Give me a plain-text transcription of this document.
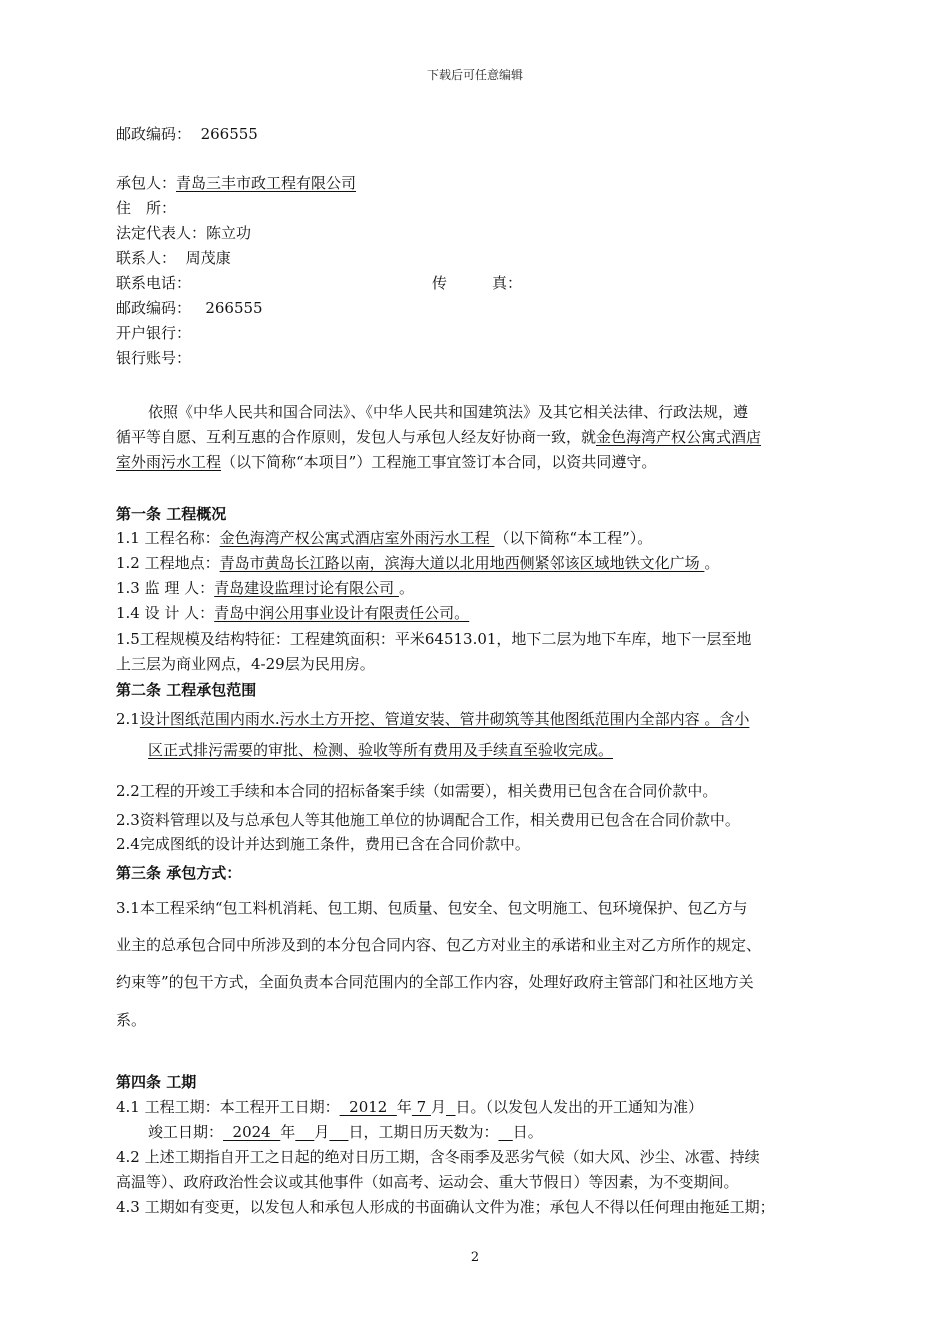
下载后可任意编辑
邮政编码： 266555
承包人：青岛三丰市政工程有限公司
住　所：
法定代表人：陈立功
联系人： 周茂康
联系电话：	传　　　真：
邮政编码： 266555
开户银行：
银行账号：
依照《中华人民共和国合同法》、《中华人民共和国建筑法》及其它相关法律、行政法规，遵
循平等自愿、互利互惠的合作原则，发包人与承包人经友好协商一致，就金色海湾产权公寓式酒店
室外雨污水工程（以下简称“本项目”）工程施工事宜签订本合同，以资共同遵守。
第一条 工程概况
1.1 工程名称：金色海湾产权公寓式酒店室外雨污水工程 （以下简称“本工程”）。
1.2 工程地点：青岛市黄岛长江路以南，滨海大道以北用地西侧紧邻该区域地铁文化广场 。
1.3 监 理 人：青岛建设监理讨论有限公司 。
1.4 设 计 人：青岛中润公用事业设计有限责任公司。
1.5工程规模及结构特征：工程建筑面积：平米64513.01，地下二层为地下车库，地下一层至地
上三层为商业网点，4-29层为民用房。
第二条 工程承包范围
2.1设计图纸范围内雨水.污水土方开挖、管道安装、管井砌筑等其他图纸范围内全部内容 。含小
区正式排污需要的审批、检测、验收等所有费用及手续直至验收完成。
2.2工程的开竣工手续和本合同的招标备案手续（如需要），相关费用已包含在合同价款中。
2.3资料管理以及与总承包人等其他施工单位的协调配合工作，相关费用已包含在合同价款中。
2.4完成图纸的设计并达到施工条件，费用已含在合同价款中。
第三条 承包方式：
3.1本工程采纳“包工料机消耗、包工期、包质量、包安全、包文明施工、包环境保护、包乙方与
业主的总承包合同中所涉及到的本分包合同内容、包乙方对业主的承诺和业主对乙方所作的规定、
约束等”的包干方式，全面负责本合同范围内的全部工作内容，处理好政府主管部门和社区地方关
系。
第四条 工期
4.1 工程工期：本工程开工日期：  2012  年 7 月 日。（以发包人发出的开工通知为准）
竣工日期：  2024  年 月 日，工期日历天数为： 日。
4.2 上述工期指自开工之日起的绝对日历工期，含冬雨季及恶劣气候（如大风、沙尘、冰雹、持续
高温等）、政府政治性会议或其他事件（如高考、运动会、重大节假日）等因素，为不变期间。
4.3 工期如有变更，以发包人和承包人形成的书面确认文件为准；承包人不得以任何理由拖延工期；
2
